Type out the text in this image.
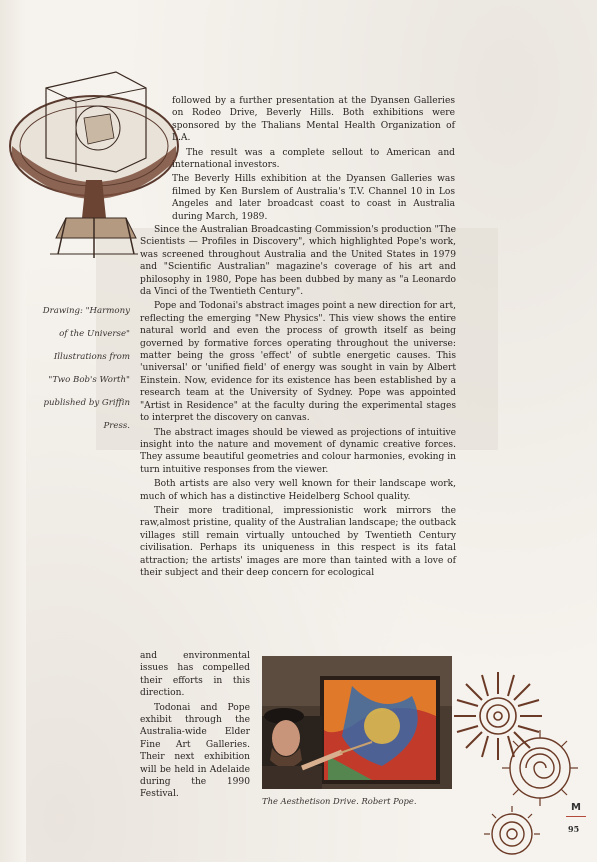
followed by a further presentation at the Dyansen Galleries on Rodeo Drive, Beverly Hills. Both exhibitions were sponsored by the Thalians Mental Health Organization of L.A.

The result was a complete sellout to American and international investors.

The Beverly Hills exhibition at the Dyansen Galleries was filmed by Ken Burslem of Australia's T.V. Channel 10 in Los Angeles and later broadcast coast to coast in Australia during March, 1989.

Since the Australian Broadcasting Commission's production "The Scientists — Profiles in Discovery", which highlighted Pope's work, was screened throughout Australia and the United States in 1979 and "Scientific Australian" magazine's coverage of his art and philosophy in 1980, Pope has been dubbed by many as "a Leonardo da Vinci of the Twentieth Century".

Pope and Todonai's abstract images point a new direction for art, reflecting the emerging "New Physics". This view shows the entire natural world and even the process of growth itself as being governed by formative forces operating throughout the universe: matter being the gross 'effect' of subtle energetic causes. This 'universal' or 'unified field' of energy was sought in vain by Albert Einstein. Now, evidence for its existence has been established by a research team at the University of Sydney. Pope was appointed "Artist in Residence" at the faculty during the experimental stages to interpret the discovery on canvas.

The abstract images should be viewed as projections of intuitive insight into the nature and movement of dynamic creative forces. They assume beautiful geometries and colour harmonies, evoking in turn intuitive responses from the viewer.

Both artists are also very well known for their landscape work, much of which has a distinctive Heidelberg School quality.

Their more traditional, impressionistic work mirrors the raw,almost pristine, quality of the Australian landscape; the outback villages still remain virtually untouched by Twentieth Century civilisation. Perhaps its uniqueness in this respect is its fatal attraction; the artists' images are more than tainted with a love of their subject and their deep concern for ecological

and environmental issues has compelled their efforts in this direction.

Todonai and Pope exhibit through the Australia-wide Elder Fine Art Galleries. Their next exhibition will be held in Adelaide during the 1990 Festival.

Drawing: "Harmony
of the Universe"
Illustrations from
"Two Bob's Worth"
published by Griffin
Press.
The Aesthetison Drive. Robert Pope.
M
95
